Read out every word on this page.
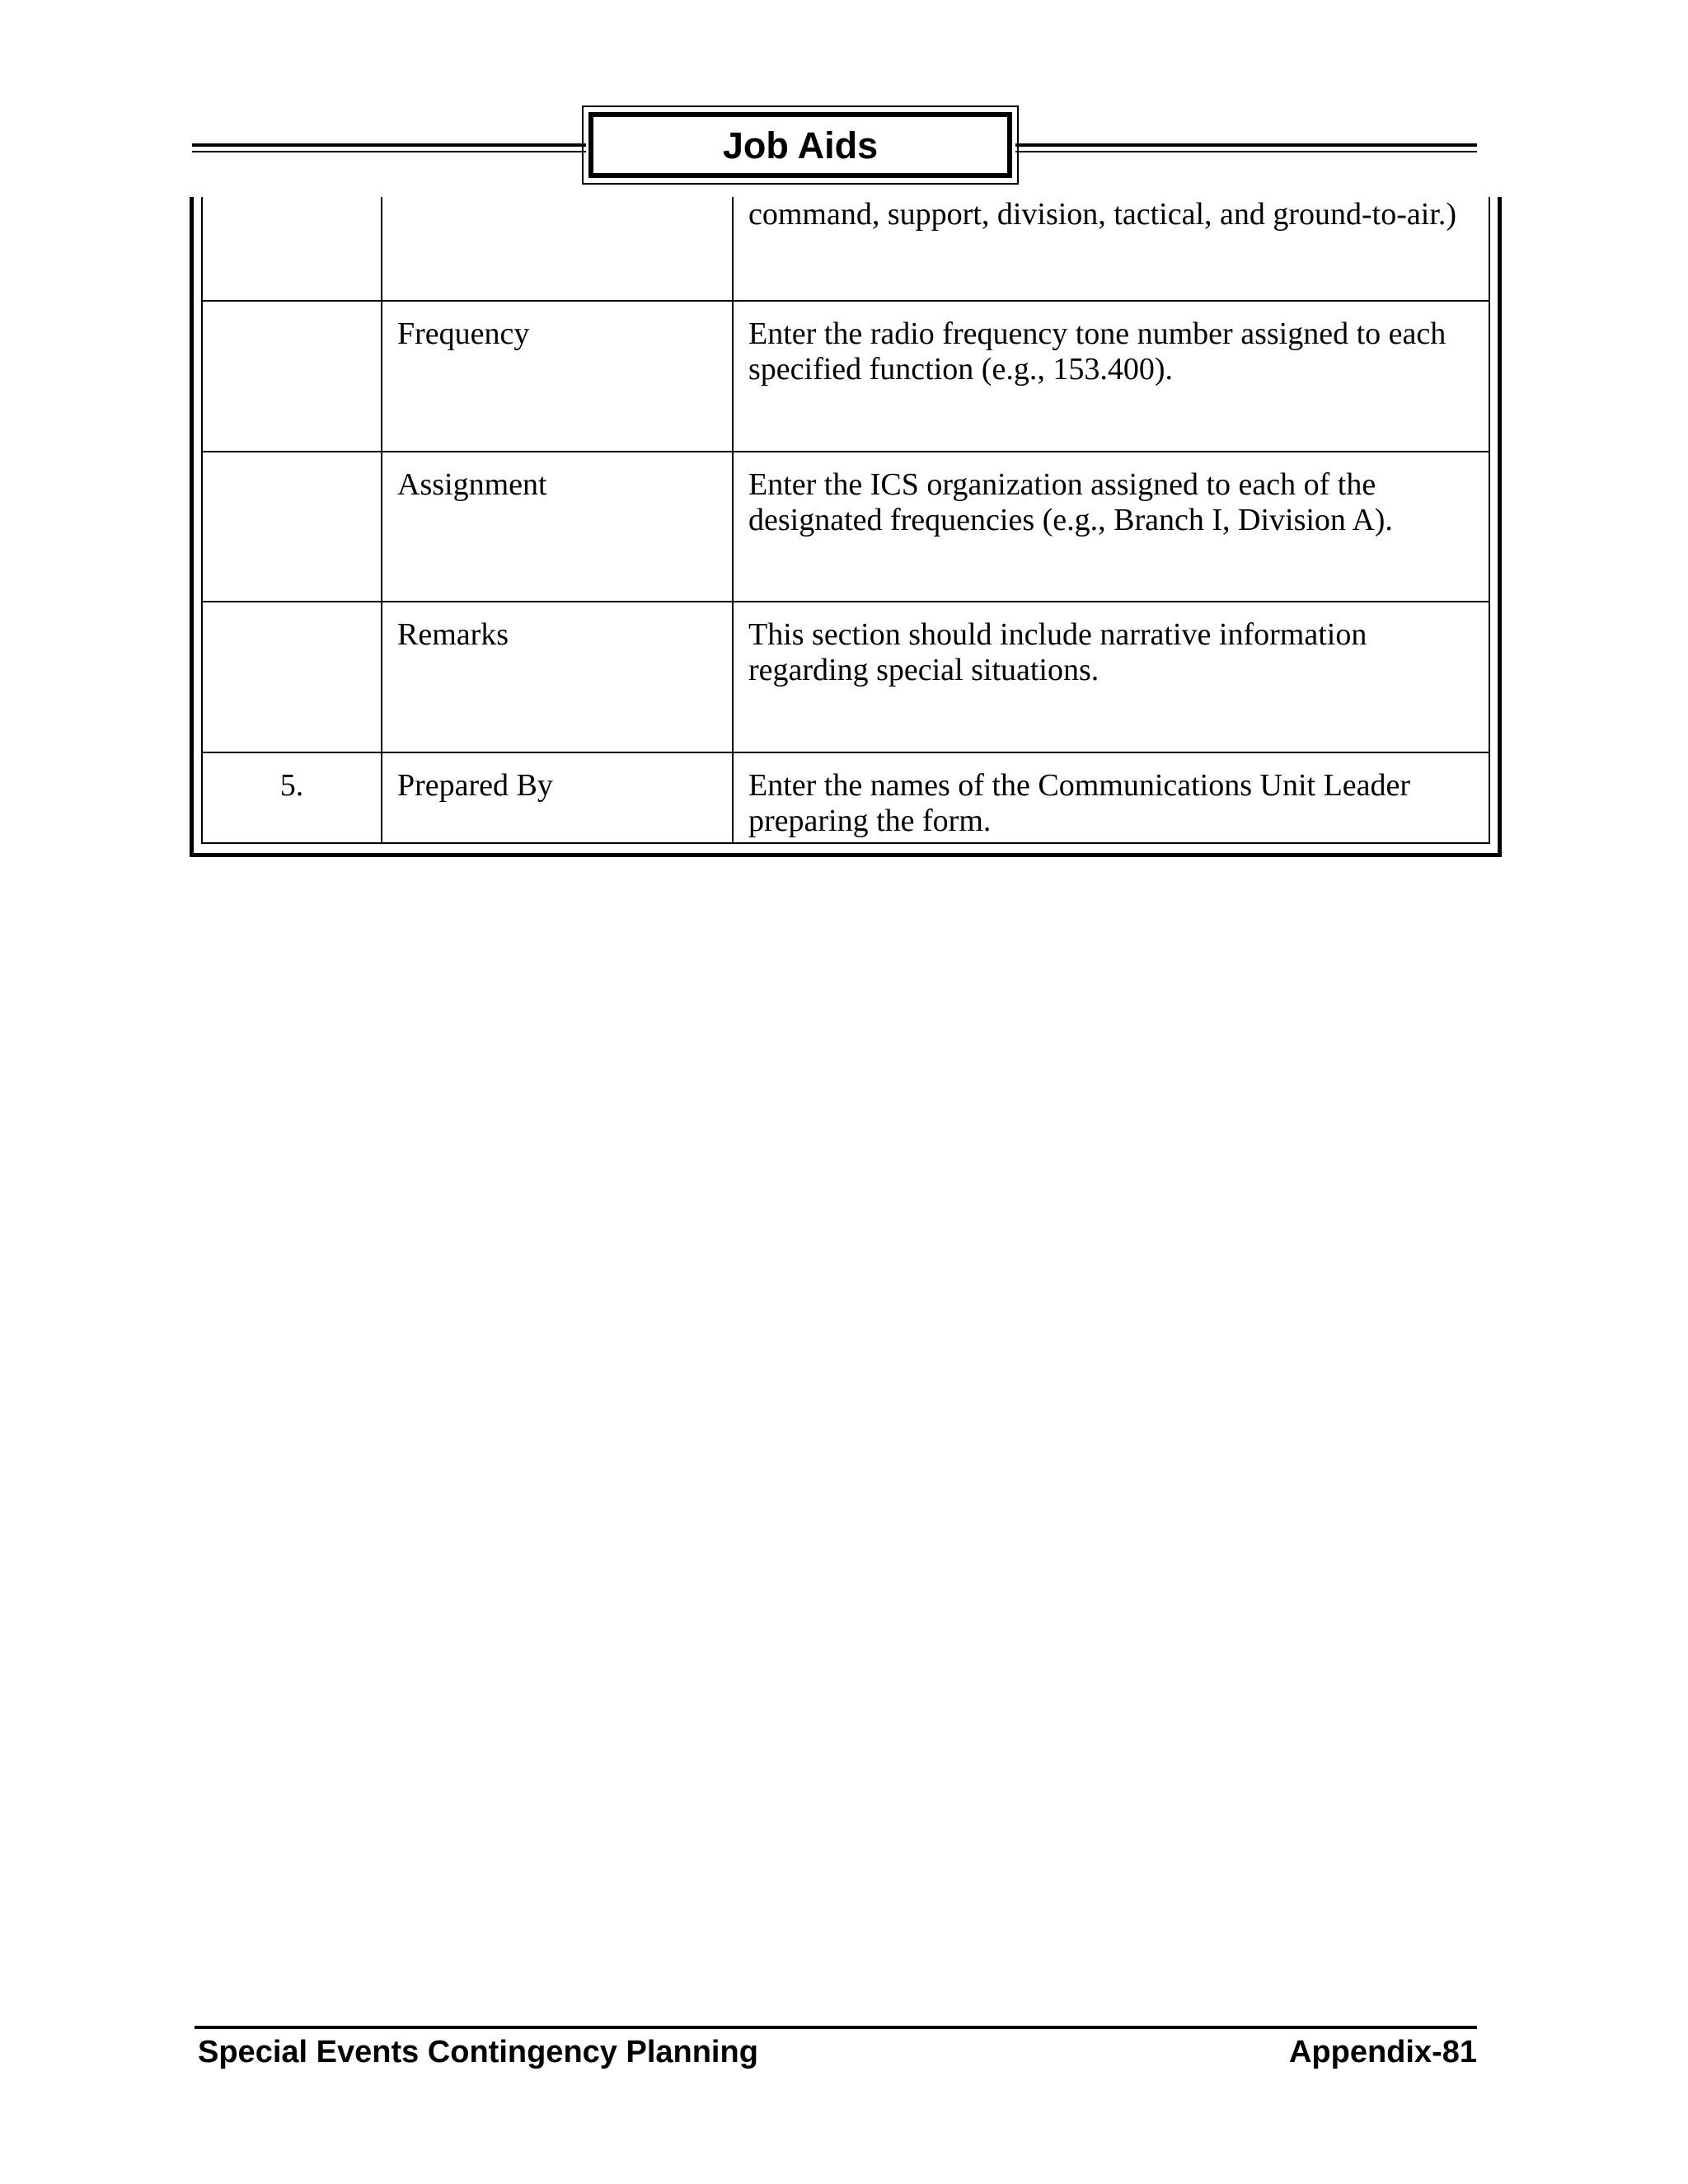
Job Aids
		command, support, division, tactical, and ground-to-air.)
	Frequency	Enter the radio frequency tone number assigned to each specified function (e.g., 153.400).
	Assignment	Enter the ICS organization assigned to each of the designated frequencies (e.g., Branch I, Division A).
	Remarks	This section should include narrative information regarding special situations.
5.	Prepared By	Enter the names of the Communications Unit Leader preparing the form.
Special Events Contingency Planning	Appendix-81
